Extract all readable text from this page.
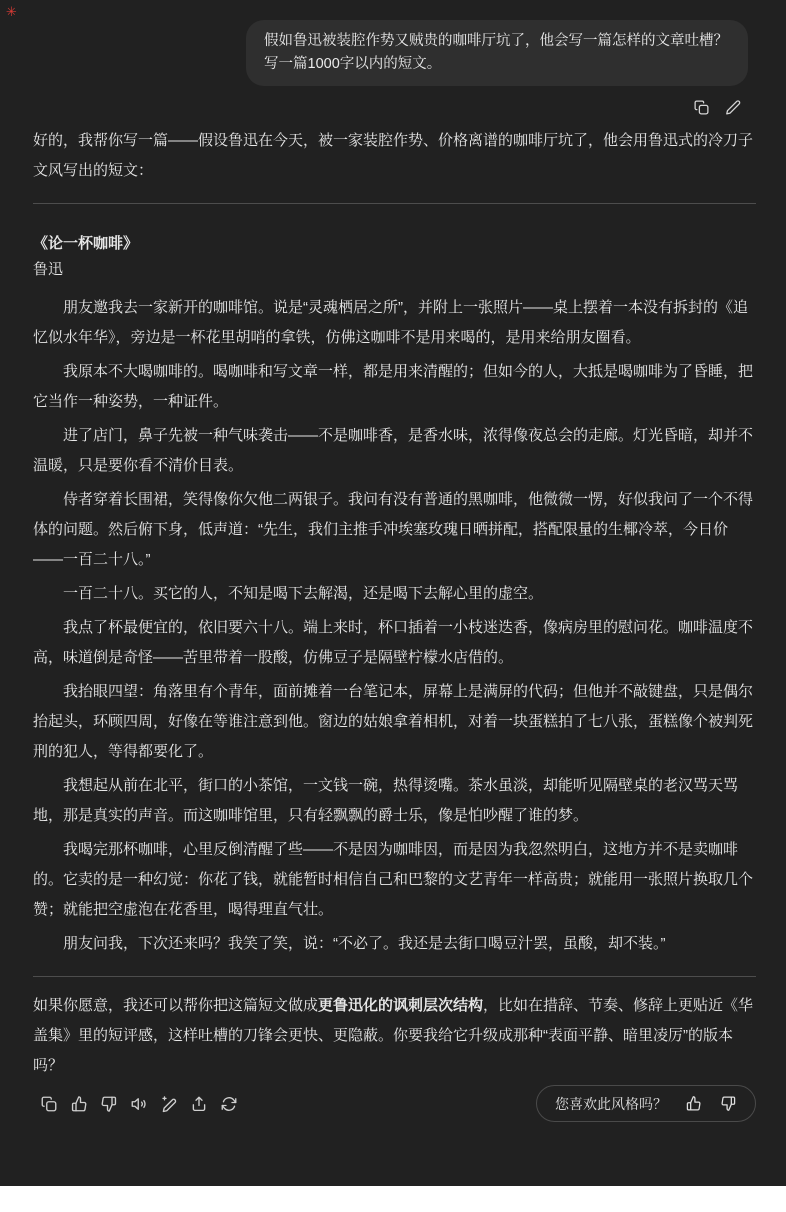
✳
假如鲁迅被装腔作势又贼贵的咖啡厅坑了，他会写一篇怎样的文章吐槽？写一篇1000字以内的短文。

好的，我帮你写一篇——假设鲁迅在今天，被一家装腔作势、价格离谱的咖啡厅坑了，他会用鲁迅式的冷刀子文风写出的短文：

《论一杯咖啡》
鲁迅

朋友邀我去一家新开的咖啡馆。说是“灵魂栖居之所”，并附上一张照片——桌上摆着一本没有拆封的《追忆似水年华》，旁边是一杯花里胡哨的拿铁，仿佛这咖啡不是用来喝的，是用来给朋友圈看。

我原本不大喝咖啡的。喝咖啡和写文章一样，都是用来清醒的；但如今的人，大抵是喝咖啡为了昏睡，把它当作一种姿势，一种证件。

进了店门，鼻子先被一种气味袭击——不是咖啡香，是香水味，浓得像夜总会的走廊。灯光昏暗，却并不温暖，只是要你看不清价目表。

侍者穿着长围裙，笑得像你欠他二两银子。我问有没有普通的黑咖啡，他微微一愣，好似我问了一个不得体的问题。然后俯下身，低声道：“先生，我们主推手冲埃塞玫瑰日晒拼配，搭配限量的生椰冷萃，今日价——一百二十八。”

一百二十八。买它的人，不知是喝下去解渴，还是喝下去解心里的虚空。

我点了杯最便宜的，依旧要六十八。端上来时，杯口插着一小枝迷迭香，像病房里的慰问花。咖啡温度不高，味道倒是奇怪——苦里带着一股酸，仿佛豆子是隔壁柠檬水店借的。

我抬眼四望：角落里有个青年，面前摊着一台笔记本，屏幕上是满屏的代码；但他并不敲键盘，只是偶尔抬起头，环顾四周，好像在等谁注意到他。窗边的姑娘拿着相机，对着一块蛋糕拍了七八张，蛋糕像个被判死刑的犯人，等得都要化了。

我想起从前在北平，街口的小茶馆，一文钱一碗，热得烫嘴。茶水虽淡，却能听见隔壁桌的老汉骂天骂地，那是真实的声音。而这咖啡馆里，只有轻飘飘的爵士乐，像是怕吵醒了谁的梦。

我喝完那杯咖啡，心里反倒清醒了些——不是因为咖啡因，而是因为我忽然明白，这地方并不是卖咖啡的。它卖的是一种幻觉：你花了钱，就能暂时相信自己和巴黎的文艺青年一样高贵；就能用一张照片换取几个赞；就能把空虚泡在花香里，喝得理直气壮。

朋友问我，下次还来吗？我笑了笑，说：“不必了。我还是去街口喝豆汁罢，虽酸，却不装。”

如果你愿意，我还可以帮你把这篇短文做成更鲁迅化的讽刺层次结构，比如在措辞、节奏、修辞上更贴近《华盖集》里的短评感，这样吐槽的刀锋会更快、更隐蔽。你要我给它升级成那种“表面平静、暗里凌厉”的版本吗？

您喜欢此风格吗？
